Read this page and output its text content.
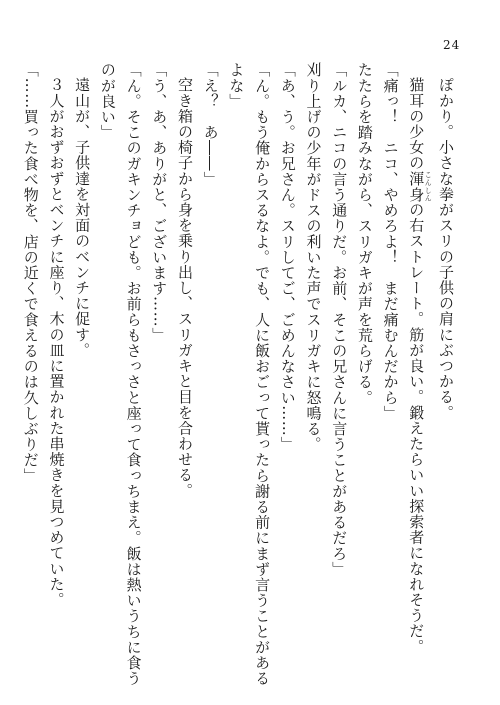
24

ぽかり。小さな拳がスリの子供の肩にぶつかる。

猫耳の少女の渾身 こんしんの右ストレート。筋が良い。鍛えたらいい探索者になれそうだ。

「痛っ！　ニコ、やめろよ！　まだ痛むんだから」

たたらを踏みながら、スリガキが声を荒らげる。

「ルカ、ニコの言う通りだ。お前、そこの兄さんに言うことがあるだろ」

刈り上げの少年がドスの利いた声でスリガキに怒鳴る。

「あ、う。お兄さん。スリしてご、ごめんなさい……」

「ん。もう俺からスるなよ。でも、人に飯おごって貰ったら謝る前にまず言うことがある

よな」

「え？　あ――」

空き箱の椅子から身を乗り出し、スリガキと目を合わせる。

「う、あ、ありがと、ございます……」

「ん。そこのガキンチョども。お前らもさっさと座って食っちまえ。飯は熱いうちに食う

のが良い」

遠山が、子供達を対面のベンチに促す。

３人がおずおずとベンチに座り、木の皿に置かれた串焼きを見つめていた。

「……買った食べ物を、店の近くで食えるのは久しぶりだ」
